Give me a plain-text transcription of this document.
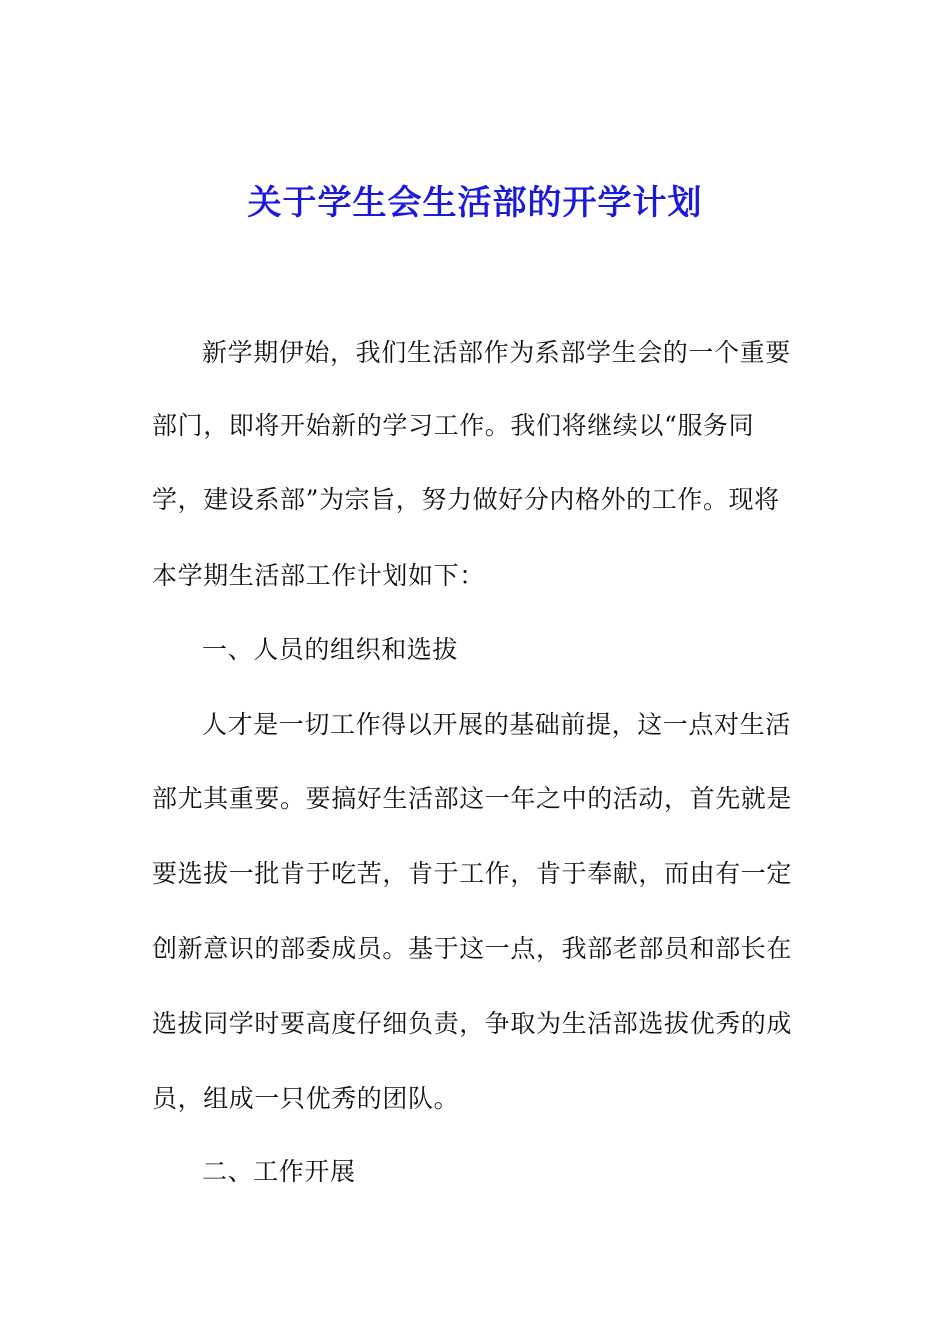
关于学生会生活部的开学计划
新学期伊始，我们生活部作为系部学生会的一个重要
部门，即将开始新的学习工作。我们将继续以“服务同
学，建设系部”为宗旨，努力做好分内格外的工作。现将
本学期生活部工作计划如下：
一、人员的组织和选拔
人才是一切工作得以开展的基础前提，这一点对生活
部尤其重要。要搞好生活部这一年之中的活动，首先就是
要选拔一批肯于吃苦，肯于工作，肯于奉献，而由有一定
创新意识的部委成员。基于这一点，我部老部员和部长在
选拔同学时要高度仔细负责，争取为生活部选拔优秀的成
员，组成一只优秀的团队。
二、工作开展
